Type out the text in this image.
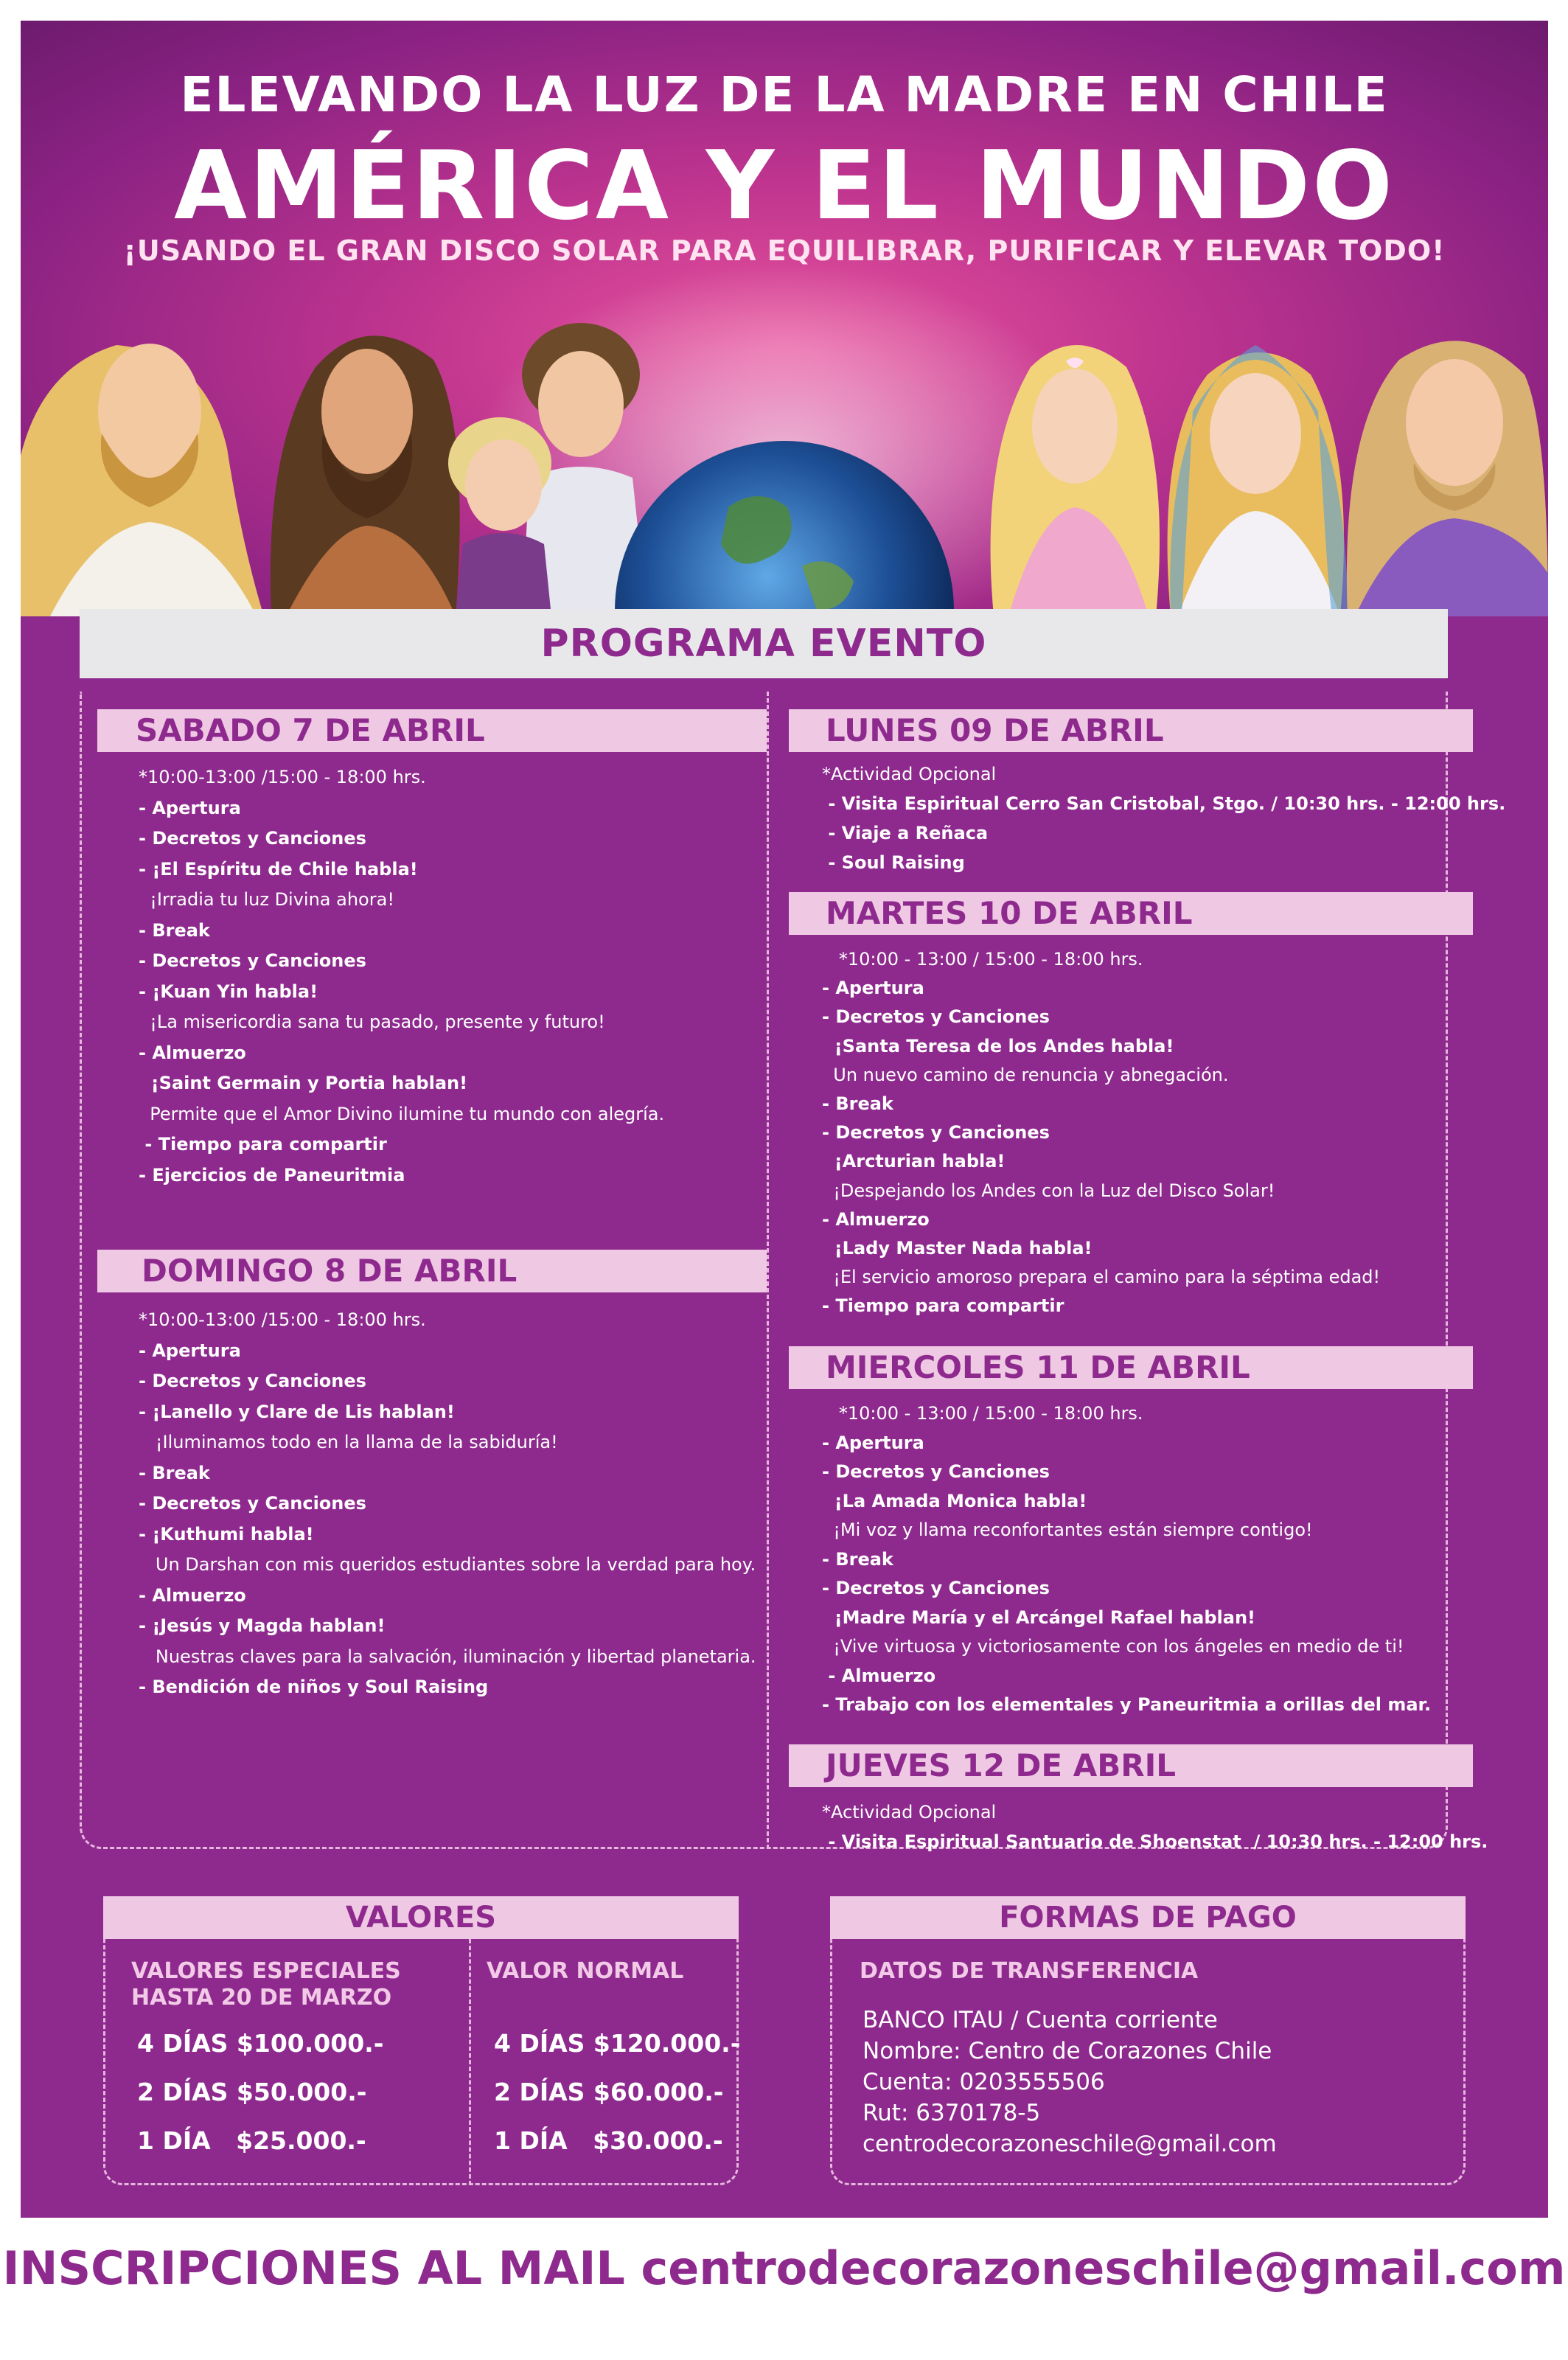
ELEVANDO LA LUZ DE LA MADRE EN CHILE
AMÉRICA Y EL MUNDO
¡USANDO EL GRAN DISCO SOLAR PARA EQUILIBRAR, PURIFICAR Y ELEVAR TODO!
PROGRAMA EVENTO
SABADO 7 DE ABRIL
*10:00-13:00 /15:00 - 18:00 hrs.
- Apertura
- Decretos y Canciones
- ¡El Espíritu de Chile habla!
¡Irradia tu luz Divina ahora!
- Break
- Decretos y Canciones
- ¡Kuan Yin habla!
¡La misericordia sana tu pasado, presente y futuro!
- Almuerzo
¡Saint Germain y Portia hablan!
Permite que el Amor Divino ilumine tu mundo con alegría.
- Tiempo para compartir
- Ejercicios de Paneuritmia
DOMINGO 8 DE ABRIL
*10:00-13:00 /15:00 - 18:00 hrs.
- Apertura
- Decretos y Canciones
- ¡Lanello y Clare de Lis hablan!
¡Iluminamos todo en la llama de la sabiduría!
- Break
- Decretos y Canciones
- ¡Kuthumi habla!
Un Darshan con mis queridos estudiantes sobre la verdad para hoy.
- Almuerzo
- ¡Jesús y Magda hablan!
Nuestras claves para la salvación, iluminación y libertad planetaria.
- Bendición de niños y Soul Raising
LUNES 09 DE ABRIL
*Actividad Opcional
- Visita Espiritual Cerro San Cristobal, Stgo. / 10:30 hrs. - 12:00 hrs.
- Viaje a Reñaca
- Soul Raising
MARTES 10 DE ABRIL
*10:00 - 13:00 / 15:00 - 18:00 hrs.
- Apertura
- Decretos y Canciones
¡Santa Teresa de los Andes habla!
Un nuevo camino de renuncia y abnegación.
- Break
- Decretos y Canciones
¡Arcturian habla!
¡Despejando los Andes con la Luz del Disco Solar!
- Almuerzo
¡Lady Master Nada habla!
¡El servicio amoroso prepara el camino para la séptima edad!
- Tiempo para compartir
MIERCOLES 11 DE ABRIL
*10:00 - 13:00 / 15:00 - 18:00 hrs.
- Apertura
- Decretos y Canciones
¡La Amada Monica habla!
¡Mi voz y llama reconfortantes están siempre contigo!
- Break
- Decretos y Canciones
¡Madre María y el Arcángel Rafael hablan!
¡Vive virtuosa y victoriosamente con los ángeles en medio de ti!
- Almuerzo
- Trabajo con los elementales y Paneuritmia a orillas del mar.
JUEVES 12 DE ABRIL
*Actividad Opcional
- Visita Espiritual Santuario de Shoenstat  / 10:30 hrs. - 12:00 hrs.
VALORES
VALORES ESPECIALES
HASTA 20 DE MARZO
VALOR NORMAL
4 DÍAS $100.000.-
2 DÍAS $50.000.-
1 DÍA   $25.000.-
4 DÍAS $120.000.-
2 DÍAS $60.000.-
1 DÍA   $30.000.-
FORMAS DE PAGO
DATOS DE TRANSFERENCIA
BANCO ITAU / Cuenta corriente
Nombre: Centro de Corazones Chile
Cuenta: 0203555506
Rut: 6370178-5
centrodecorazoneschile@gmail.com
INSCRIPCIONES AL MAIL centrodecorazoneschile@gmail.com
